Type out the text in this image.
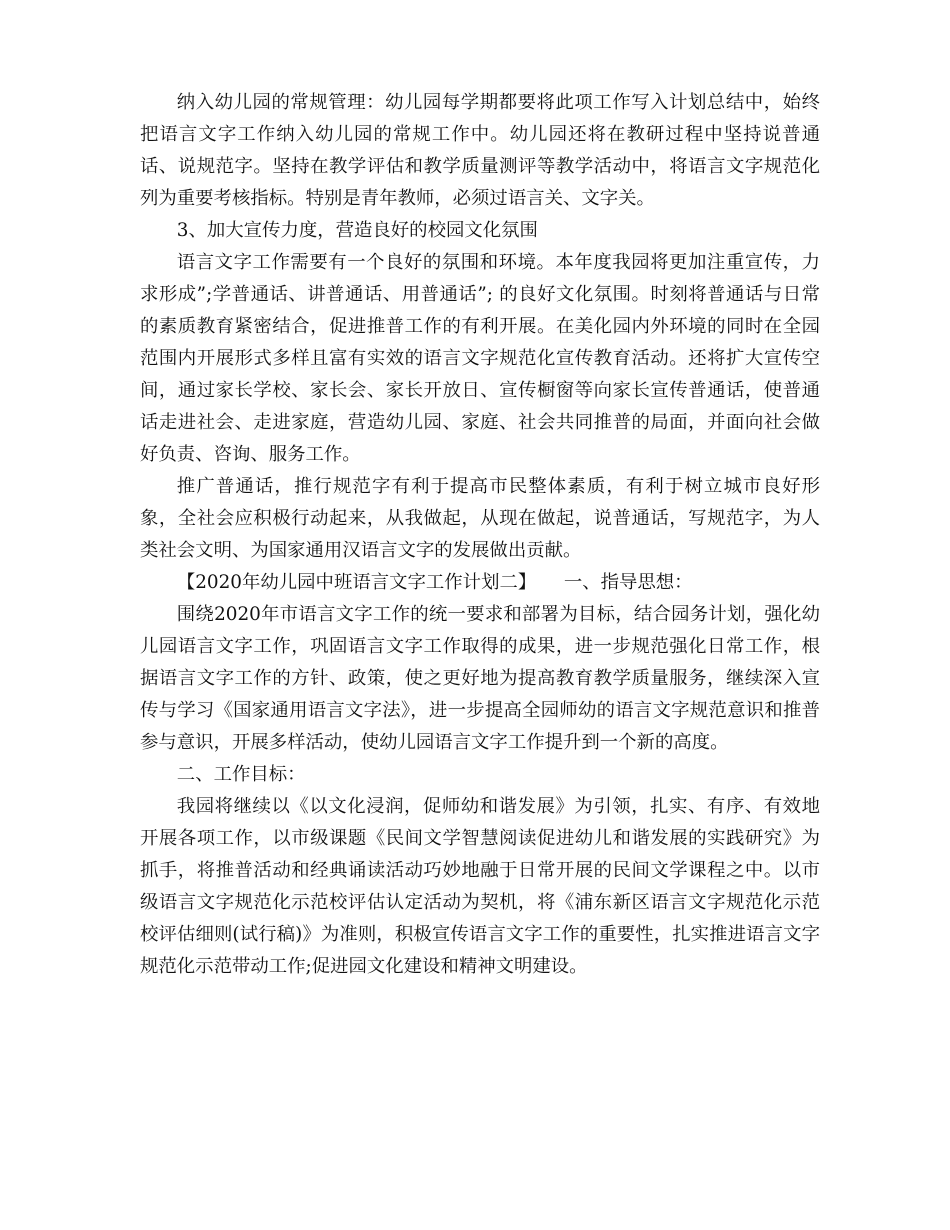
纳入幼儿园的常规管理：幼儿园每学期都要将此项工作写入计划总结中，始终把语言文字工作纳入幼儿园的常规工作中。幼儿园还将在教研过程中坚持说普通话、说规范字。坚持在教学评估和教学质量测评等教学活动中，将语言文字规范化列为重要考核指标。特别是青年教师，必须过语言关、文字关。

3、加大宣传力度，营造良好的校园文化氛围

语言文字工作需要有一个良好的氛围和环境。本年度我园将更加注重宣传，力求形成”;学普通话、讲普通话、用普通话”; 的良好文化氛围。时刻将普通话与日常的素质教育紧密结合，促进推普工作的有利开展。在美化园内外环境的同时在全园范围内开展形式多样且富有实效的语言文字规范化宣传教育活动。还将扩大宣传空间，通过家长学校、家长会、家长开放日、宣传橱窗等向家长宣传普通话，使普通话走进社会、走进家庭，营造幼儿园、家庭、社会共同推普的局面，并面向社会做好负责、咨询、服务工作。

推广普通话，推行规范字有利于提高市民整体素质，有利于树立城市良好形象，全社会应积极行动起来，从我做起，从现在做起，说普通话，写规范字，为人类社会文明、为国家通用汉语言文字的发展做出贡献。

【2020年幼儿园中班语言文字工作计划二】　　一、指导思想：

围绕2020年市语言文字工作的统一要求和部署为目标，结合园务计划，强化幼儿园语言文字工作，巩固语言文字工作取得的成果，进一步规范强化日常工作，根据语言文字工作的方针、政策，使之更好地为提高教育教学质量服务，继续深入宣传与学习《国家通用语言文字法》，进一步提高全园师幼的语言文字规范意识和推普参与意识，开展多样活动，使幼儿园语言文字工作提升到一个新的高度。

二、工作目标：

我园将继续以《以文化浸润，促师幼和谐发展》为引领，扎实、有序、有效地开展各项工作，以市级课题《民间文学智慧阅读促进幼儿和谐发展的实践研究》为抓手，将推普活动和经典诵读活动巧妙地融于日常开展的民间文学课程之中。以市级语言文字规范化示范校评估认定活动为契机，将《浦东新区语言文字规范化示范校评估细则(试行稿)》为准则，积极宣传语言文字工作的重要性，扎实推进语言文字规范化示范带动工作;促进园文化建设和精神文明建设。
